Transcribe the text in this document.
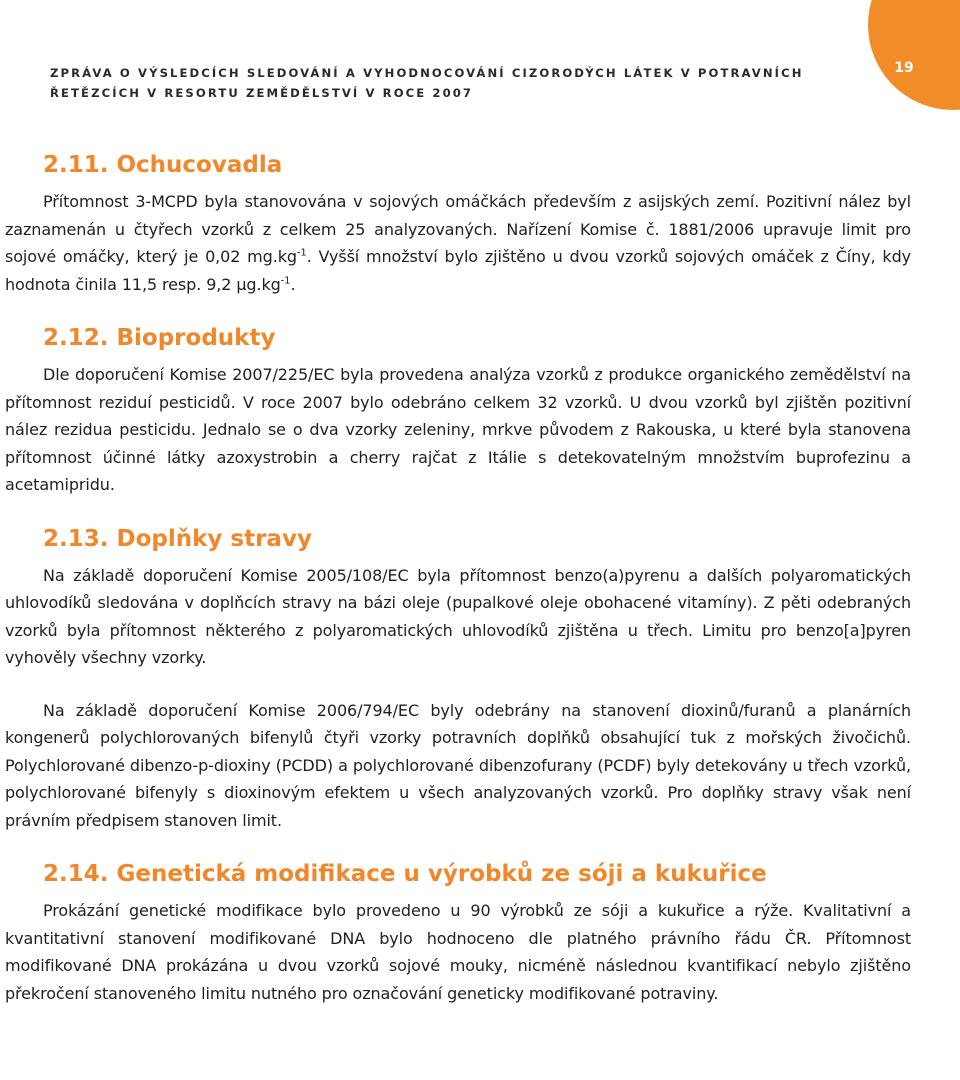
19
ZPRÁVA O VÝSLEDCÍCH SLEDOVÁNÍ A VYHODNOCOVÁNÍ CIZORODÝCH LÁTEK V POTRAVNÍCH
ŘETĚZCÍCH V RESORTU ZEMĚDĚLSTVÍ V ROCE 2007
2.11. Ochucovadla

Přítomnost 3-MCPD byla stanovována v sojových omáčkách především z asijských zemí. Pozitivní nález byl zaznamenán u čtyřech vzorků z celkem 25 analyzovaných. Nařízení Komise č. 1881/2006 upravuje limit pro sojové omáčky, který je 0,02 $mg.kg^{-1}$. Vyšší množství bylo zjištěno u dvou vzorků sojových omáček z Číny, kdy hodnota činila 11,5 resp. 9,2 $\mu g.kg^{-1}$.

2.12. Bioprodukty

Dle doporučení Komise 2007/225/EC byla provedena analýza vzorků z produkce organického zemědělství na přítomnost reziduí pesticidů. V roce 2007 bylo odebráno celkem 32 vzorků. U dvou vzorků byl zjištěn pozitivní nález rezidua pesticidu. Jednalo se o dva vzorky zeleniny, mrkve původem z Rakouska, u které byla stanovena přítomnost účinné látky azoxystrobin a cherry rajčat z Itálie s detekovatelným množstvím buprofezinu a acetamipridu.

2.13. Doplňky stravy

Na základě doporučení Komise 2005/108/EC byla přítomnost benzo(a)pyrenu a dalších polyaromatických uhlovodíků sledována v doplňcích stravy na bázi oleje (pupalkové oleje obohacené vitamíny). Z pěti odebraných vzorků byla přítomnost některého z polyaromatických uhlovodíků zjištěna u třech. Limitu pro benzo[a]pyren vyhověly všechny vzorky.

Na základě doporučení Komise 2006/794/EC byly odebrány na stanovení dioxinů/furanů a planárních kongenerů polychlorovaných bifenylů čtyři vzorky potravních doplňků obsahující tuk z mořských živočichů. Polychlorované dibenzo-p-dioxiny (PCDD) a polychlorované dibenzofurany (PCDF) byly detekovány u třech vzorků, polychlorované bifenyly s dioxinovým efektem u všech analyzovaných vzorků. Pro doplňky stravy však není právním předpisem stanoven limit.

2.14. Genetická modifikace u výrobků ze sóji a kukuřice

Prokázání genetické modifikace bylo provedeno u 90 výrobků ze sóji a kukuřice a rýže. Kvalitativní a kvantitativní stanovení modifikované DNA bylo hodnoceno dle platného právního řádu ČR. Přítomnost modifikované DNA prokázána u dvou vzorků sojové mouky, nicméně následnou kvantifikací nebylo zjištěno překročení stanoveného limitu nutného pro označování geneticky modifikované potraviny.
